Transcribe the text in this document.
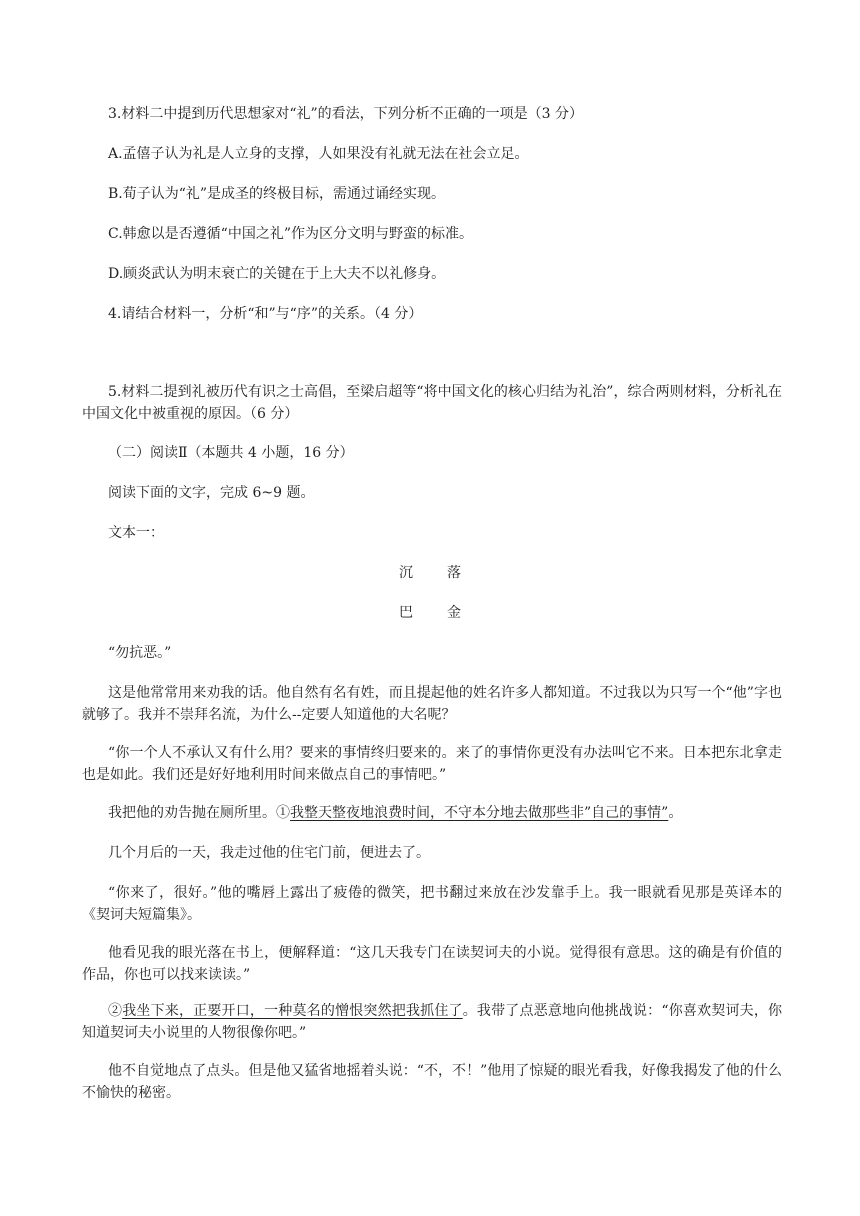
3.材料二中提到历代思想家对“礼”的看法，下列分析不正确的一项是（3 分）
A.孟僖子认为礼是人立身的支撑，人如果没有礼就无法在社会立足。
B.荀子认为“礼”是成圣的终极目标，需通过诵经实现。
C.韩愈以是否遵循“中国之礼”作为区分文明与野蛮的标准。
D.顾炎武认为明末衰亡的关键在于上大夫不以礼修身。
4.请结合材料一，分析“和”与“序”的关系。（4 分）
5.材料二提到礼被历代有识之士高倡，至梁启超等“将中国文化的核心归结为礼治”，综合两则材料，分析礼在中国文化中被重视的原因。（6 分）
（二）阅读Ⅱ（本题共 4 小题，16 分）
阅读下面的文字，完成 6~9 题。
文本一：
沉落
巴金
“勿抗恶。”
这是他常常用来劝我的话。他自然有名有姓，而且提起他的姓名许多人都知道。不过我以为只写一个“他”字也就够了。我并不崇拜名流，为什么--定要人知道他的大名呢？
“你一个人不承认又有什么用？要来的事情终归要来的。来了的事情你更没有办法叫它不来。日本把东北拿走也是如此。我们还是好好地利用时间来做点自己的事情吧。”
我把他的劝告抛在厕所里。①我整天整夜地浪费时间，不守本分地去做那些非”自己的事情”。
几个月后的一天，我走过他的住宅门前，便进去了。
“你来了，很好。”他的嘴唇上露出了疲倦的微笑，把书翻过来放在沙发靠手上。我一眼就看见那是英译本的《契诃夫短篇集》。
他看见我的眼光落在书上，便解释道：“这几天我专门在读契诃夫的小说。觉得很有意思。这的确是有价值的作品，你也可以找来读读。”
②我坐下来，正要开口，一种莫名的憎恨突然把我抓住了。我带了点恶意地向他挑战说：“你喜欢契诃夫，你知道契诃夫小说里的人物很像你吧。”
他不自觉地点了点头。但是他又猛省地摇着头说：“不，不！”他用了惊疑的眼光看我，好像我揭发了他的什么不愉快的秘密。
